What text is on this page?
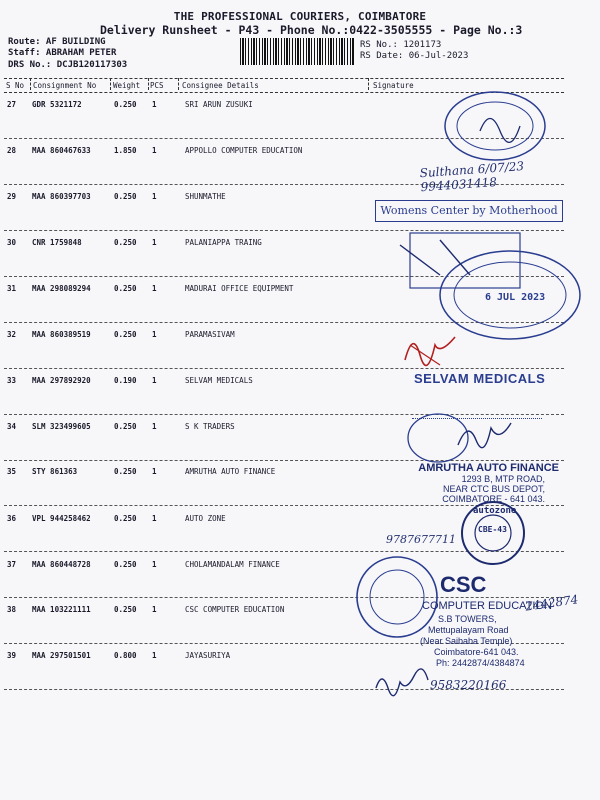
THE PROFESSIONAL COURIERS, COIMBATORE
Delivery Runsheet - P43 - Phone No.:0422-3505555 - Page No.:3
Route: AF BUILDING
Staff: ABRAHAM PETER
DRS No.: DCJB120117303
RS No.: 1201173
RS Date: 06-Jul-2023
S No Consignment No Weight PCS Consignee Details	Signature
27 GDR 5321172	0.250 1	SRI ARUN ZUSUKI
28 MAA 860467633	1.850 1	APPOLLO COMPUTER EDUCATION
29 MAA 860397703	0.250 1	SHUNMATHE
30 CNR 1759848	0.250 1	PALANIAPPA TRAING
31 MAA 298089294	0.250 1	MADURAI OFFICE EQUIPMENT
32 MAA 860389519	0.250 1	PARAMASIVAM
33 MAA 297892920	0.190 1	SELVAM MEDICALS
34 SLM 323499605	0.250 1	S K TRADERS
35 STY 861363	0.250 1	AMRUTHA AUTO FINANCE
36 VPL 944258462	0.250 1	AUTO ZONE
37 MAA 860448728	0.250 1	CHOLAMANDALAM FINANCE
38 MAA 103221111	0.250 1	CSC COMPUTER EDUCATION
39 MAA 297501501	0.800 1	JAYASURIYA
Sulthana 6/07/23 9944031418
Womens Center by Motherhood
6 JUL 2023
SELVAM MEDICALS
AMRUTHA AUTO FINANCE
1293 B, MTP ROAD,
NEAR CTC BUS DEPOT,
COIMBATORE - 641 043.
autozone
CBE-43
9787677711
CSC
COMPUTER EDUCATION
S.B TOWERS,
Mettupalayam Road
(Near Saibaba Temple)
Coimbatore-641 043.
Ph: 2442874/4384874
2442874
9583220166
